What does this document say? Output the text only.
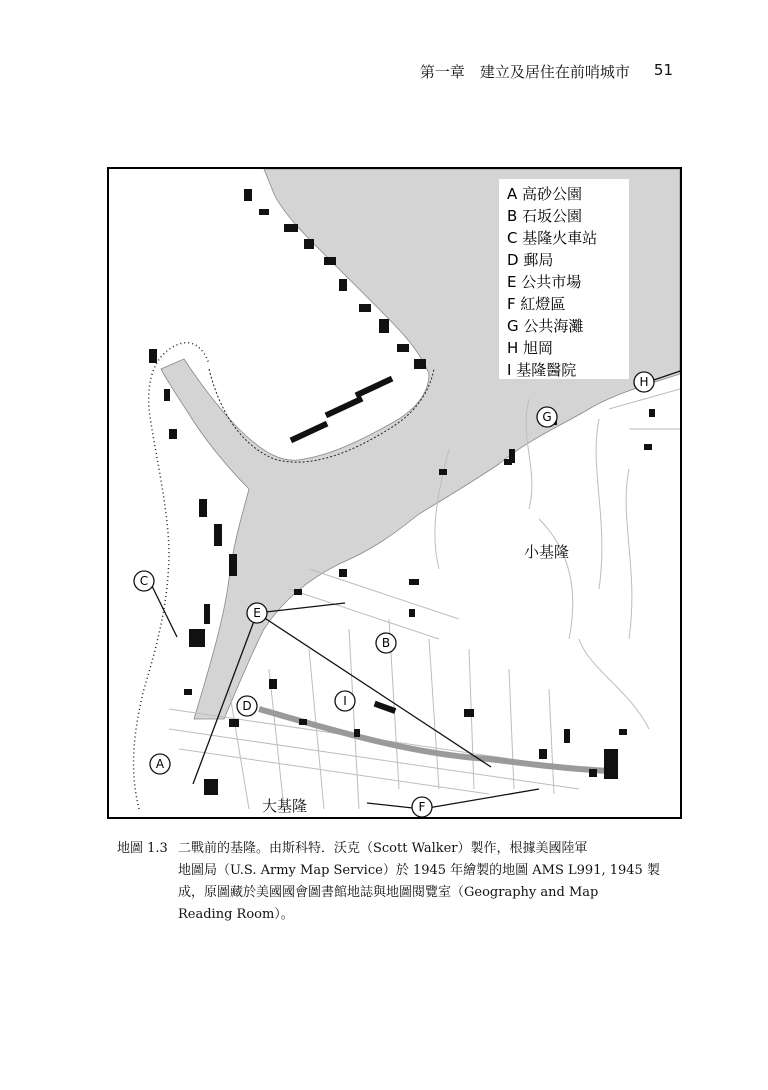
第一章　建立及居住在前哨城市 51
A 高砂公園
B 石坂公園
C 基隆火車站
D 郵局
E 公共市場
F 紅燈區
G 公共海灘
H 旭岡
I 基隆醫院
小基隆
大基隆
A
B
C
D
E
F
G
H
I
地圖 1.3 二戰前的基隆。由斯科特．沃克（Scott Walker）製作，根據美國陸軍
地圖局（U.S. Army Map Service）於 1945 年繪製的地圖 AMS L991, 1945 製
成，原圖藏於美國國會圖書館地誌與地圖閱覽室（Geography and Map
Reading Room）。
